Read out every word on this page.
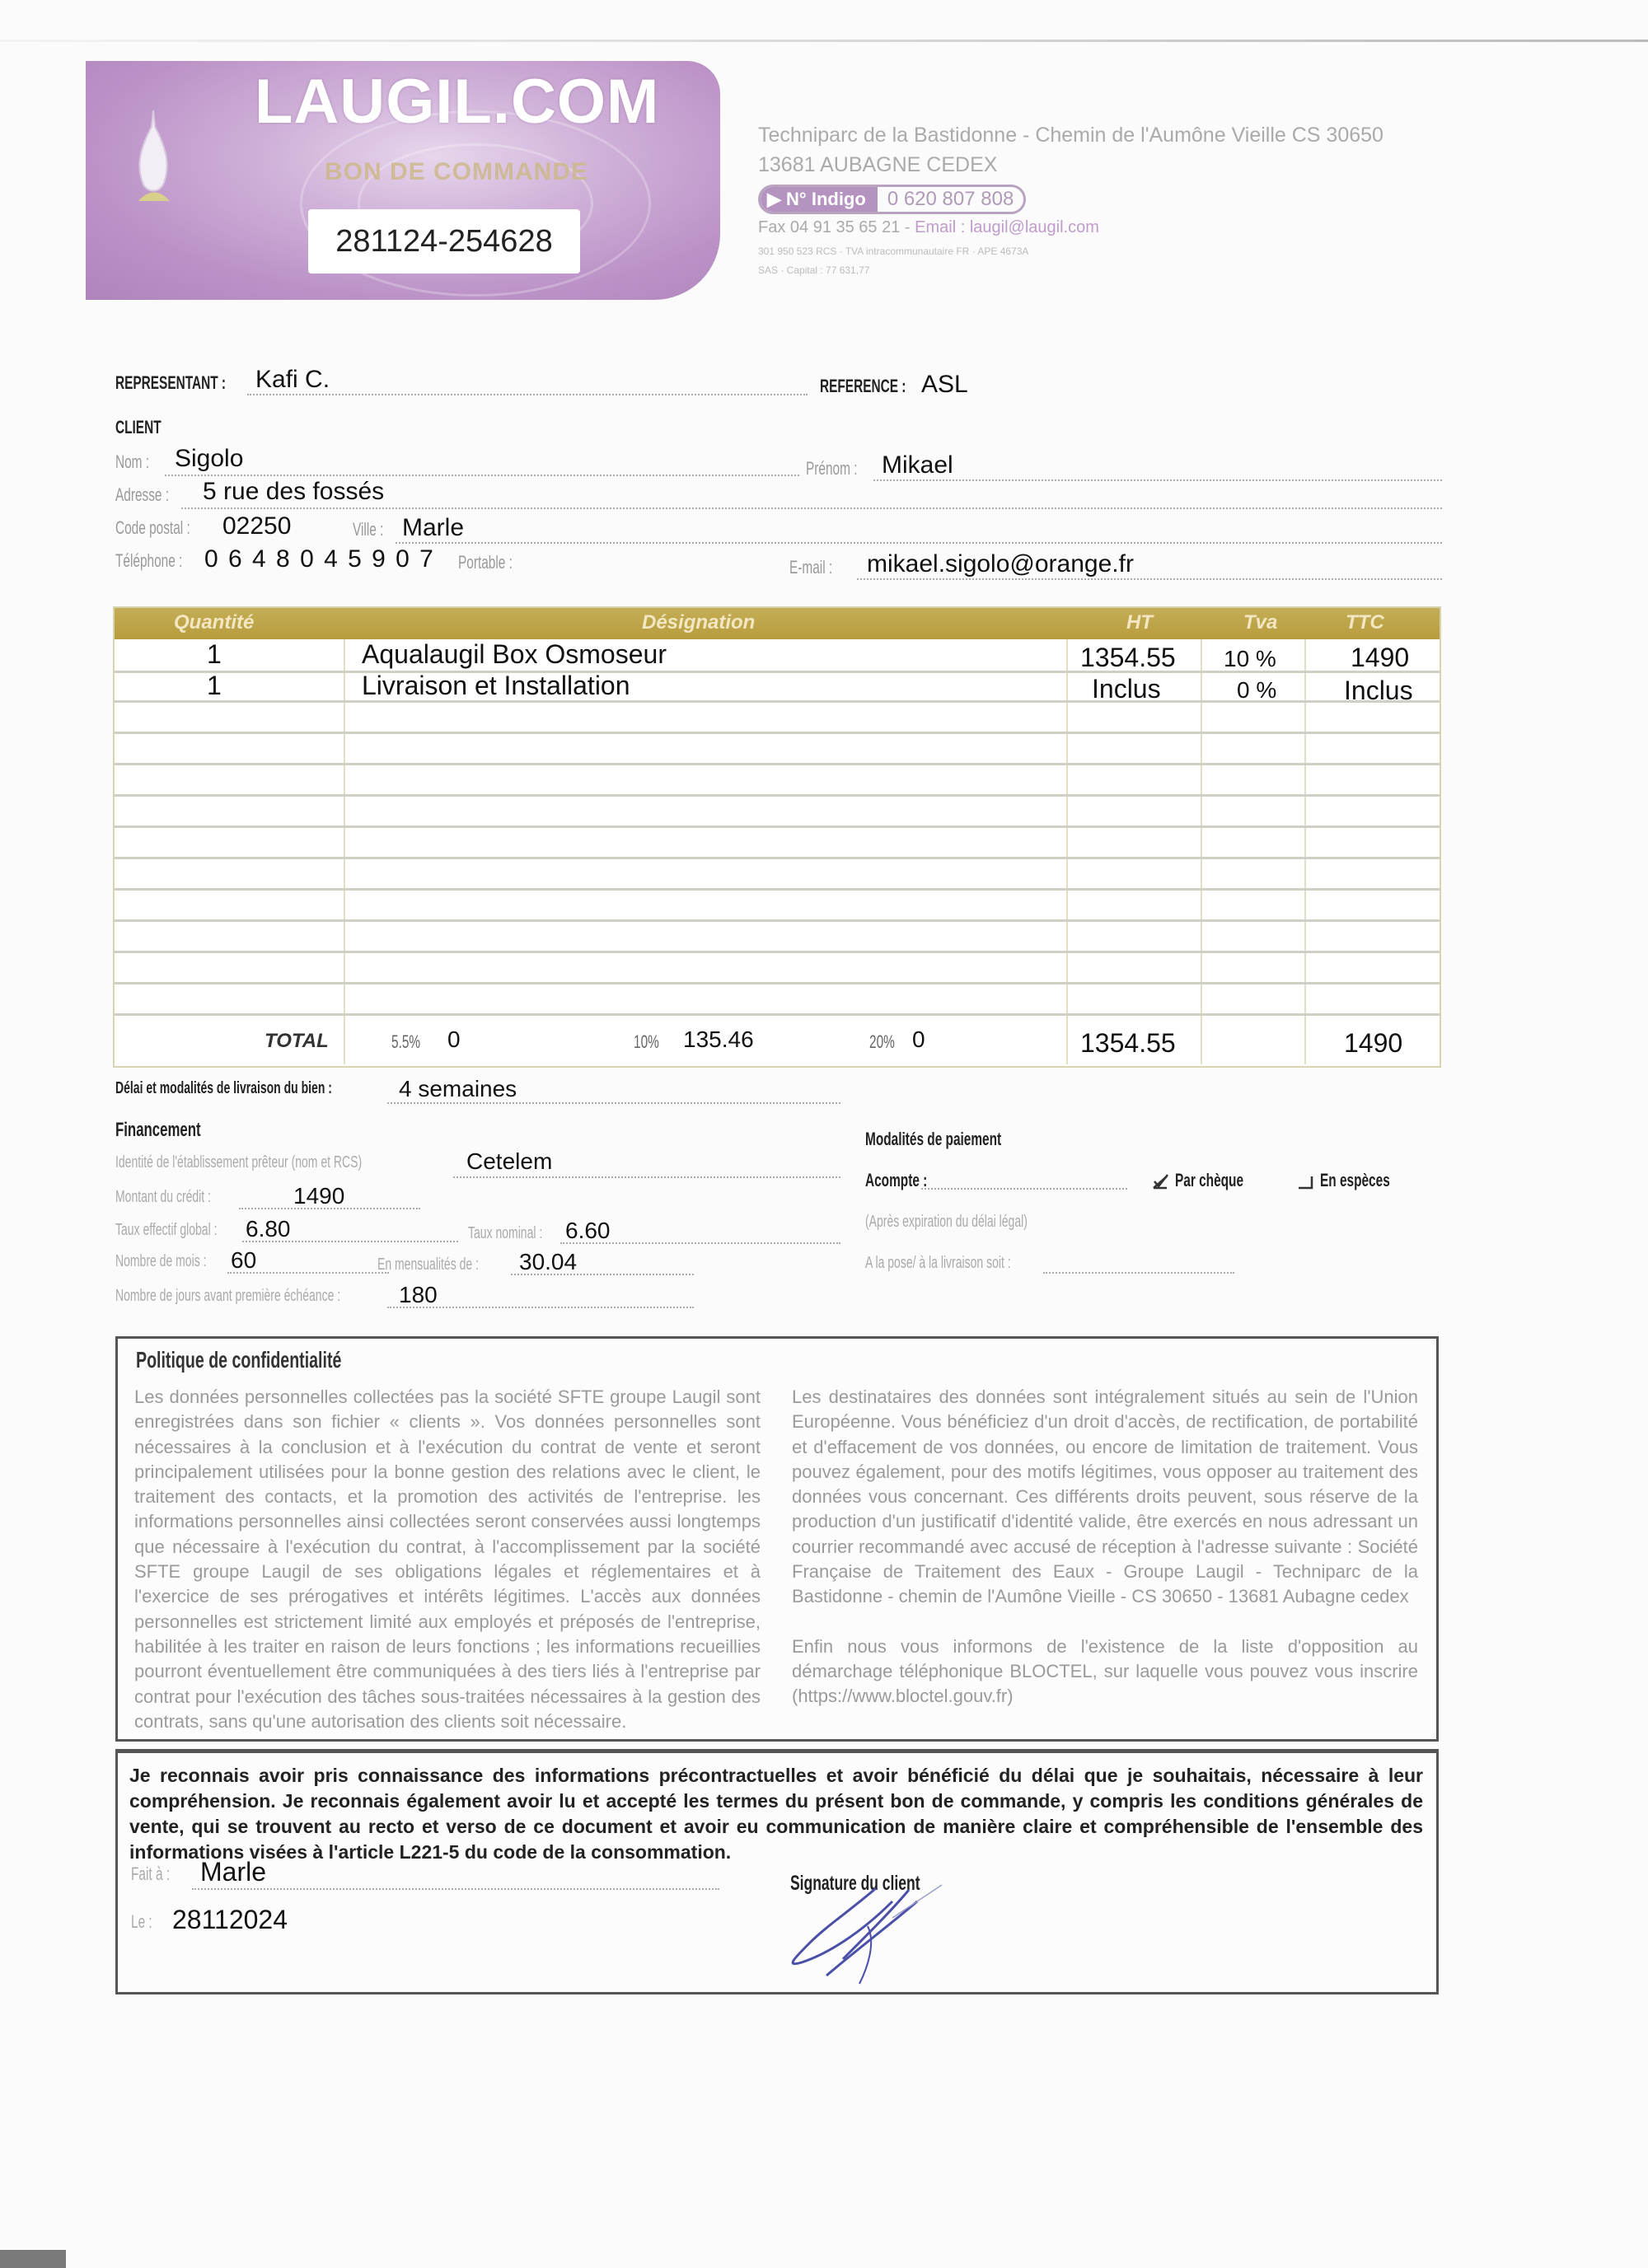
LAUGIL.COM
BON DE COMMANDE
281124-254628
Techniparc de la Bastidonne - Chemin de l'Aumône Vieille CS 30650
13681 AUBAGNE CEDEX
▶ N° Indigo	0 620 807 808
Fax 04 91 35 65 21 - Email : laugil@laugil.com
301 950 523 RCS · TVA intracommunautaire FR · APE 4673A
SAS · Capital : 77 631,77
REPRESENTANT :	Kafi C.	REFERENCE : ASL
CLIENT
Nom :	Sigolo	Prénom : Mikael
Adresse :	5 rue des fossés
Code postal :	02250	Ville : Marle
Téléphone : 0 6 4 8 0 4 5 9 0 7 Portable :	E-mail :	mikael.sigolo@orange.fr
Quantité	Désignation	HT	Tva	TTC
1	Aqualaugil Box Osmoseur	1354.55 10 %	1490
1	Livraison et Installation	Inclus	0 %	Inclus
TOTAL	5.5%	0	10%	135.46	20% 0	1354.55	1490
Délai et modalités de livraison du bien :	4 semaines
Financement
Identité de l'établissement prêteur (nom et RCS)	Cetelem
Montant du crédit :	1490
Taux effectif global :	6.80	Taux nominal : 6.60
Nombre de mois :	60	En mensualités de :	30.04
Nombre de jours avant première échéance :	180
Modalités de paiement
Acompte :	Par chèque	En espèces
(Après expiration du délai légal)
A la pose/ à la livraison soit :
Politique de confidentialité

Les données personnelles collectées pas la société SFTE groupe Laugil sont enregistrées dans son fichier « clients ». Vos données personnelles sont nécessaires à la conclusion et à l'exécution du contrat de vente et seront principalement utilisées pour la bonne gestion des relations avec le client, le traitement des contacts, et la promotion des activités de l'entreprise. les informations personnelles ainsi collectées seront conservées aussi longtemps que nécessaire à l'exécution du contrat, à l'accomplissement par la société SFTE groupe Laugil de ses obligations légales et réglementaires et à l'exercice de ses prérogatives et intérêts légitimes. L'accès aux données personnelles est strictement limité aux employés et préposés de l'entreprise, habilitée à les traiter en raison de leurs fonctions ; les informations recueillies pourront éventuellement être communiquées à des tiers liés à l'entreprise par contrat pour l'exécution des tâches sous-traitées nécessaires à la gestion des contrats, sans qu'une autorisation des clients soit nécessaire.

Les destinataires des données sont intégralement situés au sein de l'Union Européenne. Vous bénéficiez d'un droit d'accès, de rectification, de portabilité et d'effacement de vos données, ou encore de limitation de traitement. Vous pouvez également, pour des motifs légitimes, vous opposer au traitement des données vous concernant. Ces différents droits peuvent, sous réserve de la production d'un justificatif d'identité valide, être exercés en nous adressant un courrier recommandé avec accusé de réception à l'adresse suivante : Société Française de Traitement des Eaux - Groupe Laugil - Techniparc de la Bastidonne - chemin de l'Aumône Vieille - CS 30650 - 13681 Aubagne cedex

Enfin nous vous informons de l'existence de la liste d'opposition au démarchage téléphonique BLOCTEL, sur laquelle vous pouvez vous inscrire (https://www.bloctel.gouv.fr)

Je reconnais avoir pris connaissance des informations précontractuelles et avoir bénéficié du délai que je souhaitais, nécessaire à leur compréhension. Je reconnais également avoir lu et accepté les termes du présent bon de commande, y compris les conditions générales de vente, qui se trouvent au recto et verso de ce document et avoir eu communication de manière claire et compréhensible de l'ensemble des informations visées à l'article L221-5 du code de la consommation.
Fait à :	Marle
Le : 28112024
Signature du client
